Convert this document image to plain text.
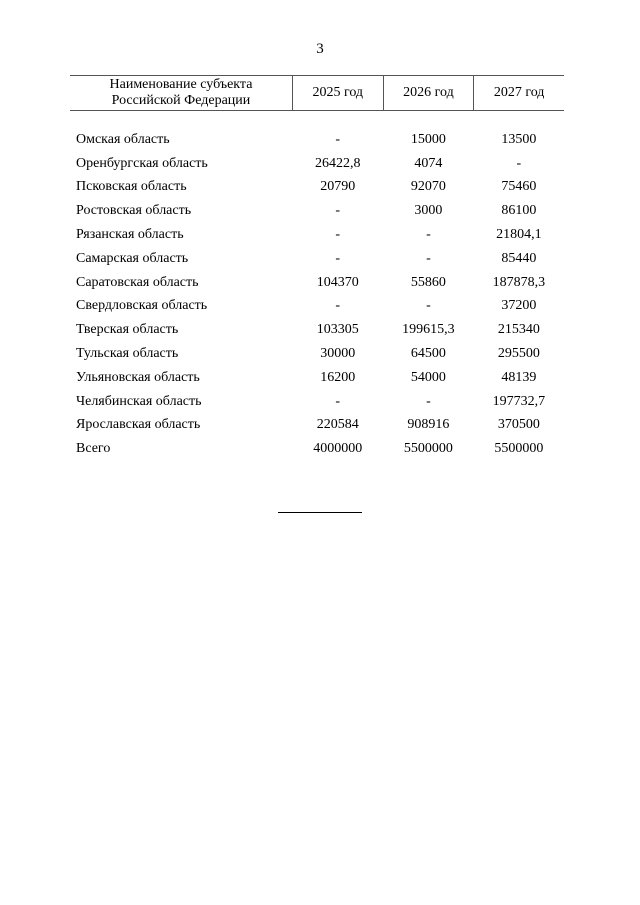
3
Наименование субъекта
Российской Федерации	2025 год	2026 год	2027 год

Омская область	-	15000	13500
Оренбургская область	26422,8	4074	-
Псковская область	20790	92070	75460
Ростовская область	-	3000	86100
Рязанская область	-	-	21804,1
Самарская область	-	-	85440
Саратовская область	104370	55860	187878,3
Свердловская область	-	-	37200
Тверская область	103305	199615,3	215340
Тульская область	30000	64500	295500
Ульяновская область	16200	54000	48139
Челябинская область	-	-	197732,7
Ярославская область	220584	908916	370500
Всего	4000000	5500000	5500000
